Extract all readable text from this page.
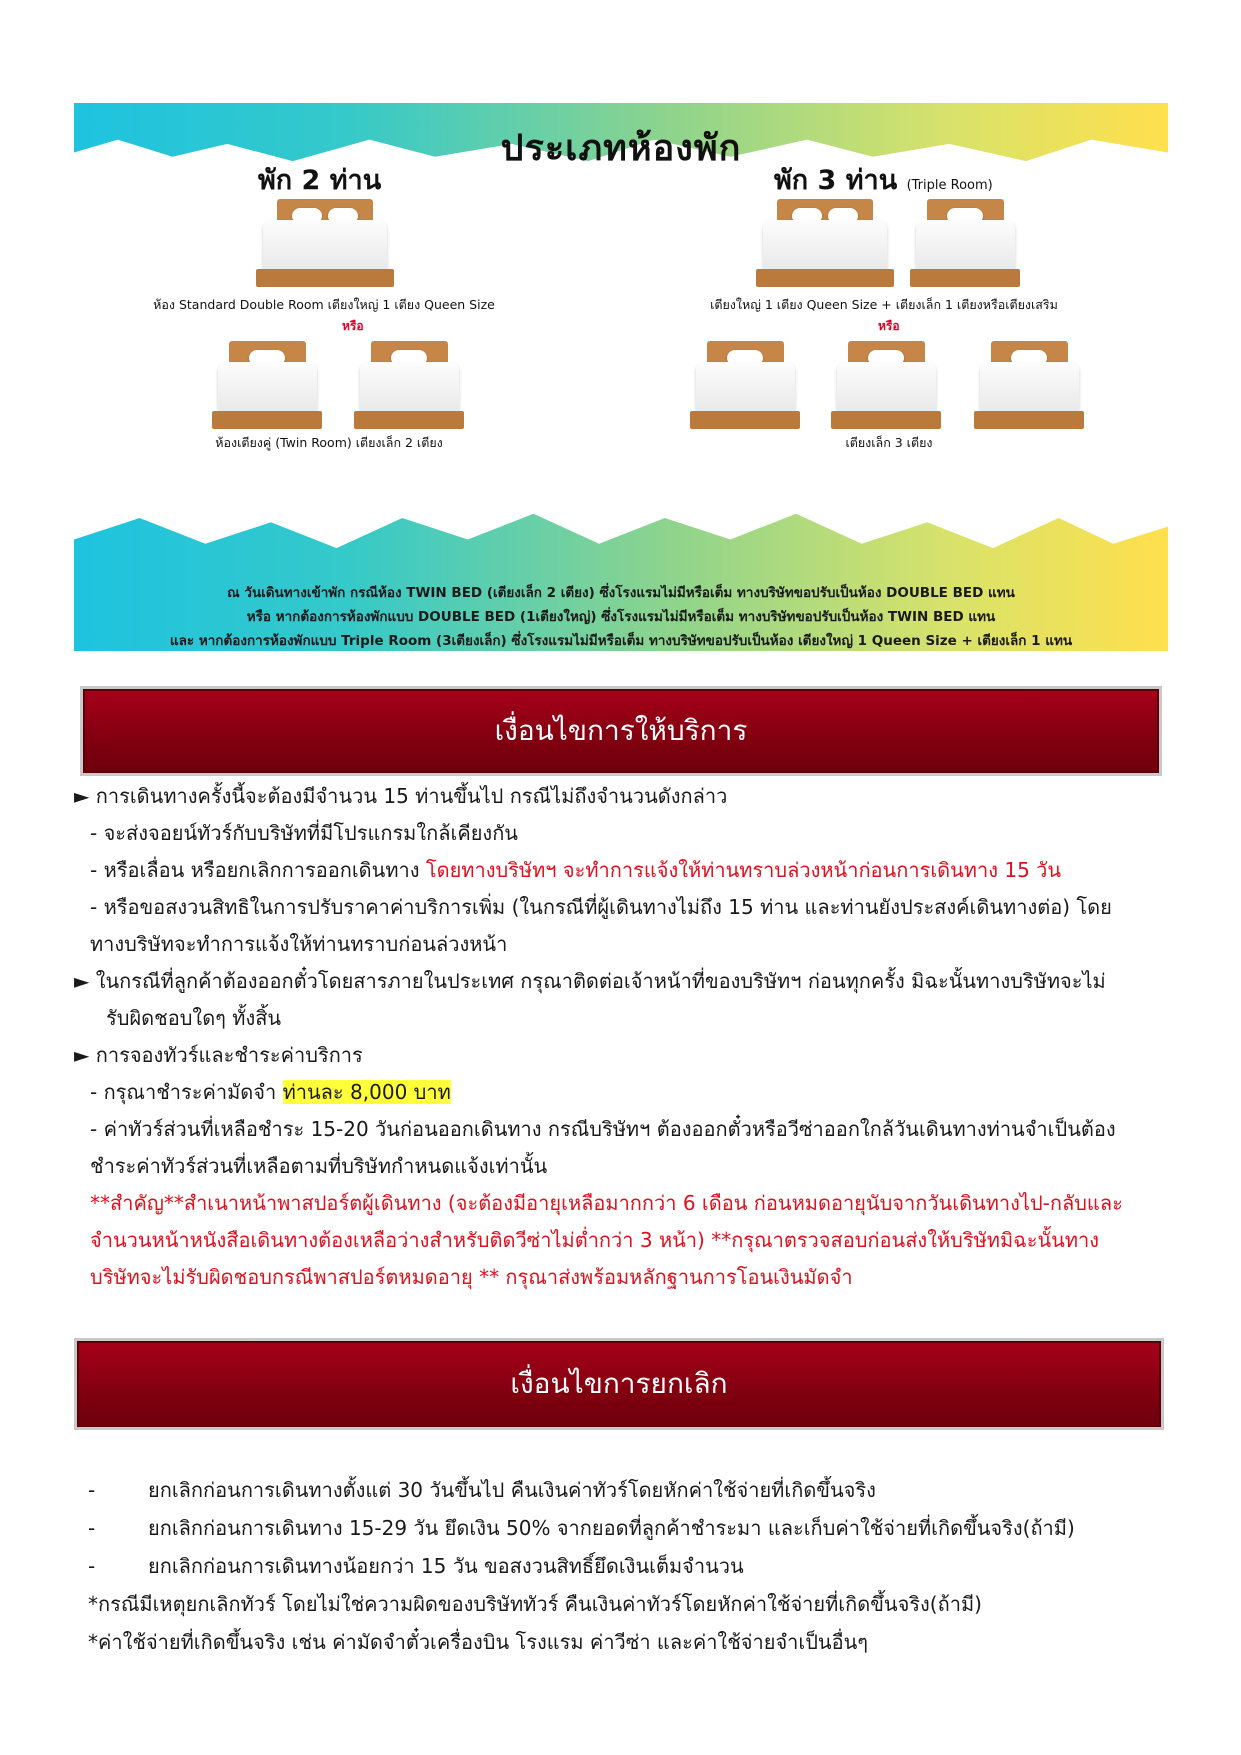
ประเภทห้องพัก
พัก 2 ท่าน	พัก 3 ท่าน (Triple Room)
ห้อง Standard Double Room เตียงใหญ่ 1 เตียง Queen Size
หรือ
ห้องเตียงคู่ (Twin Room) เตียงเล็ก 2 เตียง
เตียงใหญ่ 1 เตียง Queen Size + เตียงเล็ก 1 เตียงหรือเตียงเสริม
หรือ
เตียงเล็ก 3 เตียง

ณ วันเดินทางเข้าพัก กรณีห้อง TWIN BED (เตียงเล็ก 2 เตียง) ซึ่งโรงแรมไม่มีหรือเต็ม ทางบริษัทขอปรับเป็นห้อง DOUBLE BED แทน

หรือ หากต้องการห้องพักแบบ DOUBLE BED (1เตียงใหญ่) ซึ่งโรงแรมไม่มีหรือเต็ม ทางบริษัทขอปรับเป็นห้อง TWIN BED แทน

และ หากต้องการห้องพักแบบ Triple Room (3เตียงเล็ก) ซึ่งโรงแรมไม่มีหรือเต็ม ทางบริษัทขอปรับเป็นห้อง เตียงใหญ่ 1 Queen Size + เตียงเล็ก 1 แทน

เงื่อนไขการให้บริการ
► การเดินทางครั้งนี้จะต้องมีจำนวน 15 ท่านขึ้นไป กรณีไม่ถึงจำนวนดังกล่าว
- จะส่งจอยน์ทัวร์กับบริษัทที่มีโปรแกรมใกล้เคียงกัน
- หรือเลื่อน หรือยกเลิกการออกเดินทาง โดยทางบริษัทฯ จะทำการแจ้งให้ท่านทราบล่วงหน้าก่อนการเดินทาง 15 วัน
- หรือขอสงวนสิทธิในการปรับราคาค่าบริการเพิ่ม (ในกรณีที่ผู้เดินทางไม่ถึง 15 ท่าน และท่านยังประสงค์เดินทางต่อ) โดย
ทางบริษัทจะทำการแจ้งให้ท่านทราบก่อนล่วงหน้า
► ในกรณีที่ลูกค้าต้องออกตั๋วโดยสารภายในประเทศ กรุณาติดต่อเจ้าหน้าที่ของบริษัทฯ ก่อนทุกครั้ง มิฉะนั้นทางบริษัทจะไม่
รับผิดชอบใดๆ ทั้งสิ้น
► การจองทัวร์และชำระค่าบริการ
- กรุณาชำระค่ามัดจำ ท่านละ 8,000 บาท
- ค่าทัวร์ส่วนที่เหลือชำระ 15-20 วันก่อนออกเดินทาง กรณีบริษัทฯ ต้องออกตั๋วหรือวีซ่าออกใกล้วันเดินทางท่านจำเป็นต้อง
ชำระค่าทัวร์ส่วนที่เหลือตามที่บริษัทกำหนดแจ้งเท่านั้น
**สำคัญ**สำเนาหน้าพาสปอร์ตผู้เดินทาง (จะต้องมีอายุเหลือมากกว่า 6 เดือน ก่อนหมดอายุนับจากวันเดินทางไป-กลับและ
จำนวนหน้าหนังสือเดินทางต้องเหลือว่างสำหรับติดวีซ่าไม่ต่ำกว่า 3 หน้า) **กรุณาตรวจสอบก่อนส่งให้บริษัทมิฉะนั้นทาง
บริษัทจะไม่รับผิดชอบกรณีพาสปอร์ตหมดอายุ ** กรุณาส่งพร้อมหลักฐานการโอนเงินมัดจำ
เงื่อนไขการยกเลิก
-	ยกเลิกก่อนการเดินทางตั้งแต่ 30 วันขึ้นไป คืนเงินค่าทัวร์โดยหักค่าใช้จ่ายที่เกิดขึ้นจริง
-	ยกเลิกก่อนการเดินทาง 15-29 วัน ยึดเงิน 50% จากยอดที่ลูกค้าชำระมา และเก็บค่าใช้จ่ายที่เกิดขึ้นจริง(ถ้ามี)
-	ยกเลิกก่อนการเดินทางน้อยกว่า 15 วัน ขอสงวนสิทธิ์ยึดเงินเต็มจำนวน
*กรณีมีเหตุยกเลิกทัวร์ โดยไม่ใช่ความผิดของบริษัททัวร์ คืนเงินค่าทัวร์โดยหักค่าใช้จ่ายที่เกิดขึ้นจริง(ถ้ามี)
*ค่าใช้จ่ายที่เกิดขึ้นจริง เช่น ค่ามัดจำตั๋วเครื่องบิน โรงแรม ค่าวีซ่า และค่าใช้จ่ายจำเป็นอื่นๆ
